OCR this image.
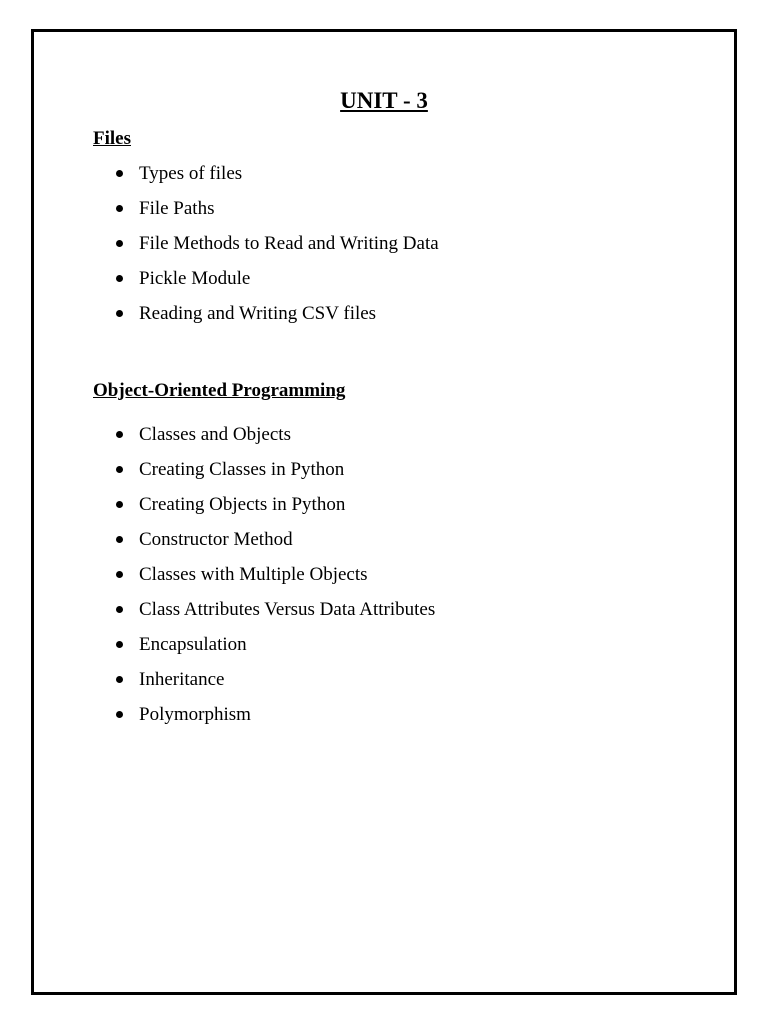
UNIT - 3
Files
Types of files
File Paths
File Methods to Read and Writing Data
Pickle Module
Reading and Writing CSV files
Object-Oriented Programming
Classes and Objects
Creating Classes in Python
Creating Objects in Python
Constructor Method
Classes with Multiple Objects
Class Attributes Versus Data Attributes
Encapsulation
Inheritance
Polymorphism
